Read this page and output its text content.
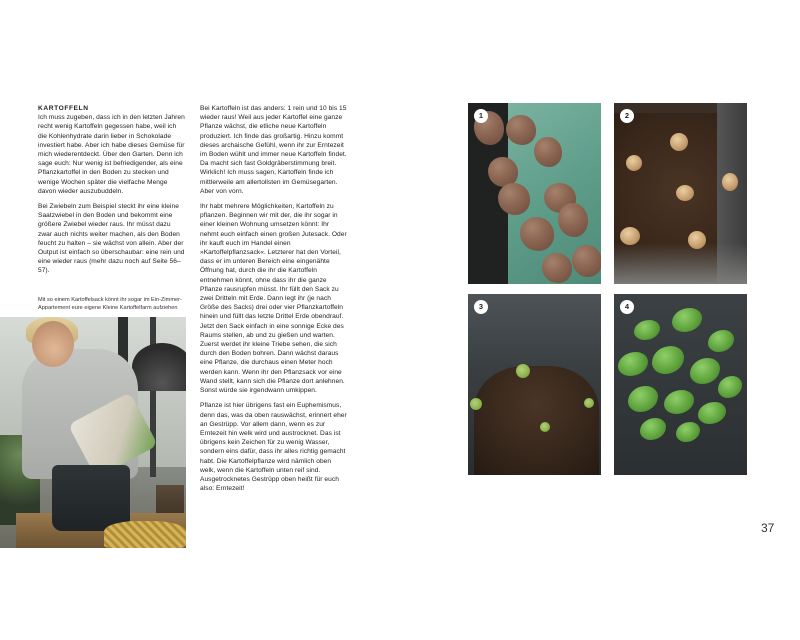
KARTOFFELN

Ich muss zugeben, dass ich in den letzten Jahren recht wenig Kartoffeln gegessen habe, weil ich die Kohlenhydrate darin lieber in Schokolade investiert habe. Aber ich habe dieses Gemüse für mich wiederentdeckt. Über den Garten. Denn ich sage euch: Nur wenig ist befriedigender, als eine Pflanzkartoffel in den Boden zu stecken und wenige Wochen später die vielfache Menge davon wieder auszubuddeln.

Bei Zwiebeln zum Beispiel steckt ihr eine kleine Saatzwiebel in den Boden und bekommt eine größere Zwiebel wieder raus. Ihr müsst dazu zwar auch nichts weiter machen, als den Boden feucht zu halten – sie wächst von allein. Aber der Output ist einfach so überschaubar: eine rein und eine wieder raus (mehr dazu noch auf Seite 56–57).

Mit so einem Kartoffelsack könnt ihr sogar im Ein-Zimmer-Appartement eure eigene Kleine Kartoffelfarm aufziehen

Bei Kartoffeln ist das anders: 1 rein und 10 bis 15 wieder raus! Weil aus jeder Kartoffel eine ganze Pflanze wächst, die etliche neue Kartoffeln produziert. Ich finde das großartig. Hinzu kommt dieses archaische Gefühl, wenn ihr zur Erntezeit im Boden wühlt und immer neue Kartoffeln findet. Da macht sich fast Goldgräberstimmung breit. Wirklich! Ich muss sagen, Kartoffeln finde ich mittlerweile am allertollsten im Gemüsegarten. Aber von vorn.

Ihr habt mehrere Möglichkeiten, Kartoffeln zu pflanzen. Beginnen wir mit der, die ihr sogar in einer kleinen Wohnung umsetzen könnt: Ihr nehmt euch einfach einen großen Jutesack. Oder ihr kauft euch im Handel einen »Kartoffelpflanzsack«. Letzterer hat den Vorteil, dass er im unteren Bereich eine eingenähte Öffnung hat, durch die ihr die Kartoffeln entnehmen könnt, ohne dass ihr die ganze Pflanze rausrupfen müsst. Ihr füllt den Sack zu zwei Dritteln mit Erde. Dann legt ihr (je nach Größe des Sacks) drei oder vier Pflanzkartoffeln hinein und füllt das letzte Drittel Erde obendrauf. Jetzt den Sack einfach in eine sonnige Ecke des Raums stellen, ab und zu gießen und warten. Zuerst werdet ihr kleine Triebe sehen, die sich durch den Boden bohren. Dann wächst daraus eine Pflanze, die durchaus einen Meter hoch werden kann. Wenn ihr den Pflanzsack vor eine Wand stellt, kann sich die Pflanze dort anlehnen. Sonst würde sie irgendwann umkippen.

Pflanze ist hier übrigens fast ein Euphemismus, denn das, was da oben rauswächst, erinnert eher an Gestrüpp. Vor allem dann, wenn es zur Erntezeit hin welk wird und austrocknet. Das ist übrigens kein Zeichen für zu wenig Wasser, sondern eins dafür, dass ihr alles richtig gemacht habt. Die Kartoffelpflanze wird nämlich oben welk, wenn die Kartoffeln unten reif sind. Ausgetrocknetes Gestrüpp oben heißt für euch also: Erntezeit!

1	2
3	4
37
